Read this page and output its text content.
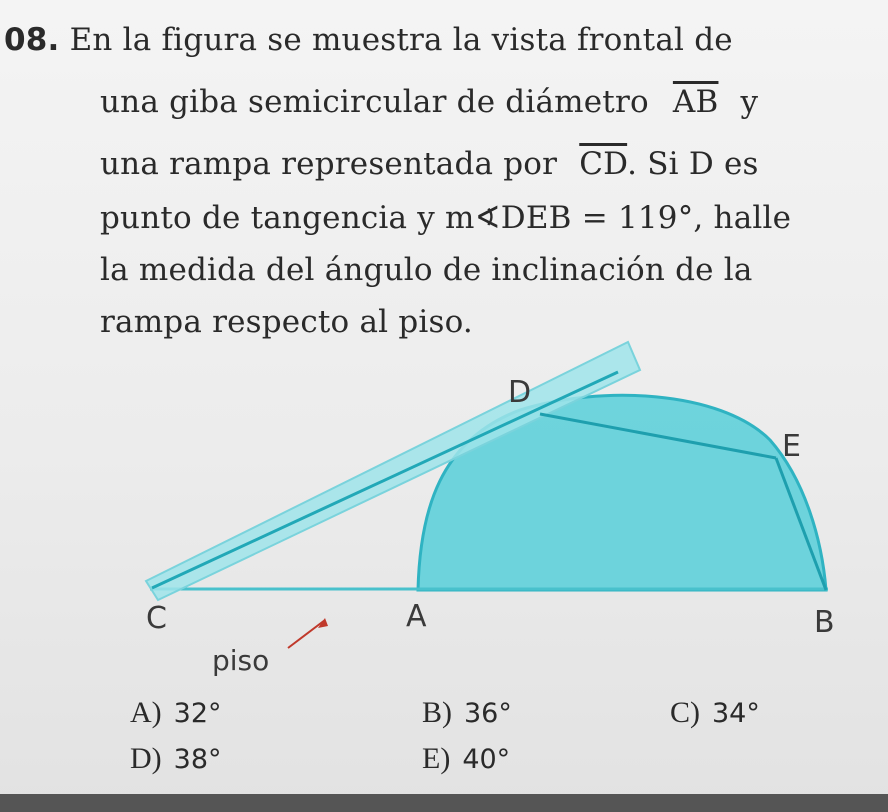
08. En la figura se muestra la vista frontal de
una giba semicircular de diámetro $\overline{AB}$ y
una rampa representada por $\overline{CD}$. Si D es
punto de tangencia y m∢DEB = 119°, halle
la medida del ángulo de inclinación de la
rampa respecto al piso.
D
E
C	A	B
piso
A) 32°	B) 36°	C) 34°
D) 38°	E) 40°
